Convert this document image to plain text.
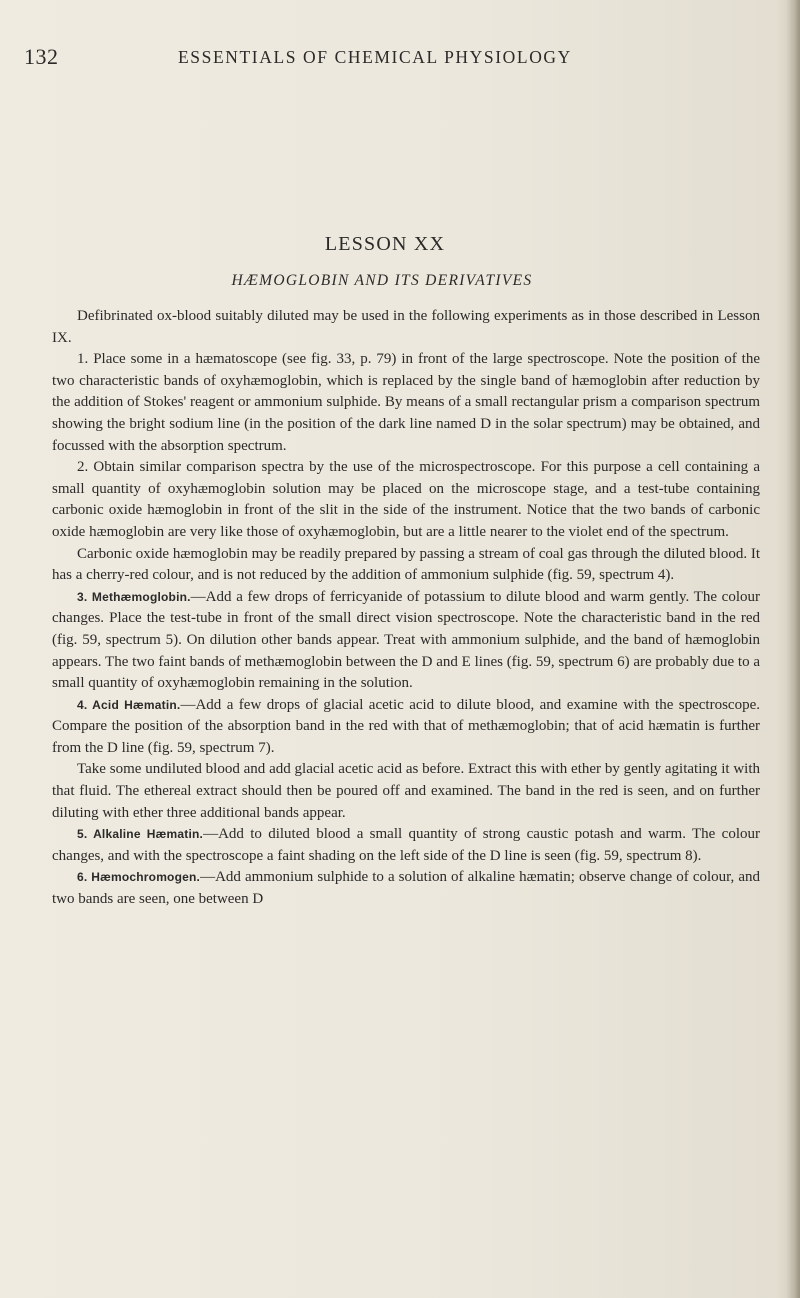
132	ESSENTIALS OF CHEMICAL PHYSIOLOGY
LESSON XX
HÆMOGLOBIN AND ITS DERIVATIVES

Defibrinated ox-blood suitably diluted may be used in the following experiments as in those described in Lesson IX.

1. Place some in a hæmatoscope (see fig. 33, p. 79) in front of the large spectroscope. Note the position of the two characteristic bands of oxyhæmoglobin, which is replaced by the single band of hæmoglobin after reduction by the addition of Stokes' reagent or ammonium sulphide. By means of a small rectangular prism a comparison spectrum showing the bright sodium line (in the position of the dark line named D in the solar spectrum) may be obtained, and focussed with the absorption spectrum.

2. Obtain similar comparison spectra by the use of the microspectroscope. For this purpose a cell containing a small quantity of oxyhæmoglobin solution may be placed on the microscope stage, and a test-tube containing carbonic oxide hæmoglobin in front of the slit in the side of the instrument. Notice that the two bands of carbonic oxide hæmoglobin are very like those of oxyhæmoglobin, but are a little nearer to the violet end of the spectrum.

Carbonic oxide hæmoglobin may be readily prepared by passing a stream of coal gas through the diluted blood. It has a cherry-red colour, and is not reduced by the addition of ammonium sulphide (fig. 59, spectrum 4).

3. Methæmoglobin.—Add a few drops of ferricyanide of potassium to dilute blood and warm gently. The colour changes. Place the test-tube in front of the small direct vision spectroscope. Note the characteristic band in the red (fig. 59, spectrum 5). On dilution other bands appear. Treat with ammonium sulphide, and the band of hæmoglobin appears. The two faint bands of methæmoglobin between the D and E lines (fig. 59, spectrum 6) are probably due to a small quantity of oxyhæmoglobin remaining in the solution.

4. Acid Hæmatin.—Add a few drops of glacial acetic acid to dilute blood, and examine with the spectroscope. Compare the position of the absorption band in the red with that of methæmoglobin; that of acid hæmatin is further from the D line (fig. 59, spectrum 7).

Take some undiluted blood and add glacial acetic acid as before. Extract this with ether by gently agitating it with that fluid. The ethereal extract should then be poured off and examined. The band in the red is seen, and on further diluting with ether three additional bands appear.

5. Alkaline Hæmatin.—Add to diluted blood a small quantity of strong caustic potash and warm. The colour changes, and with the spectroscope a faint shading on the left side of the D line is seen (fig. 59, spectrum 8).

6. Hæmochromogen.—Add ammonium sulphide to a solution of alkaline hæmatin; observe change of colour, and two bands are seen, one between D
